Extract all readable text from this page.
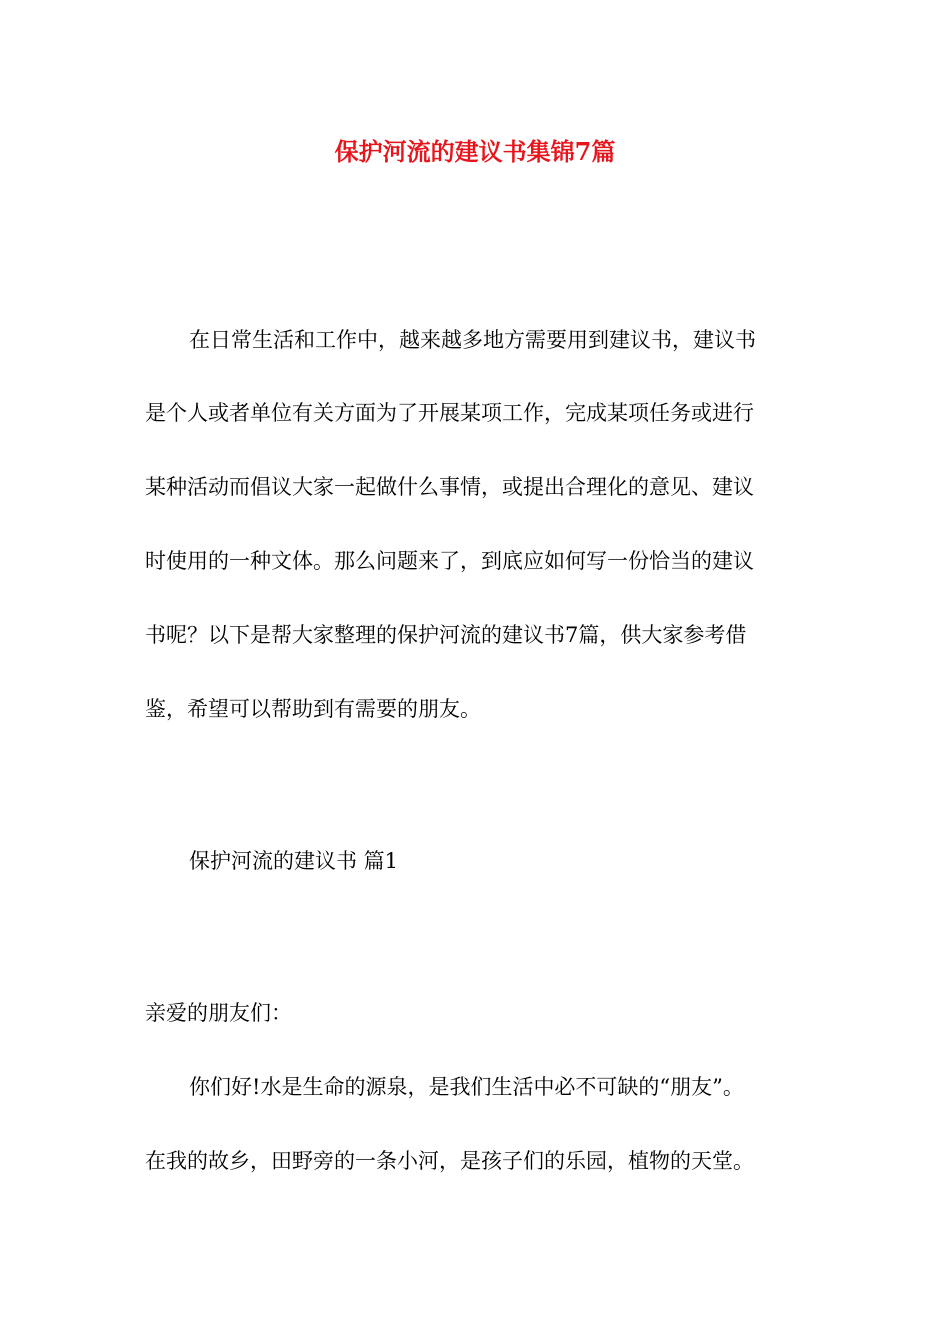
保护河流的建议书集锦7篇
在日常生活和工作中，越来越多地方需要用到建议书，建议书
是个人或者单位有关方面为了开展某项工作，完成某项任务或进行
某种活动而倡议大家一起做什么事情，或提出合理化的意见、建议
时使用的一种文体。那么问题来了，到底应如何写一份恰当的建议
书呢？以下是帮大家整理的保护河流的建议书7篇，供大家参考借
鉴，希望可以帮助到有需要的朋友。
保护河流的建议书 篇1
亲爱的朋友们：
你们好!水是生命的源泉，是我们生活中必不可缺的“朋友”。
在我的故乡，田野旁的一条小河，是孩子们的乐园，植物的天堂。
